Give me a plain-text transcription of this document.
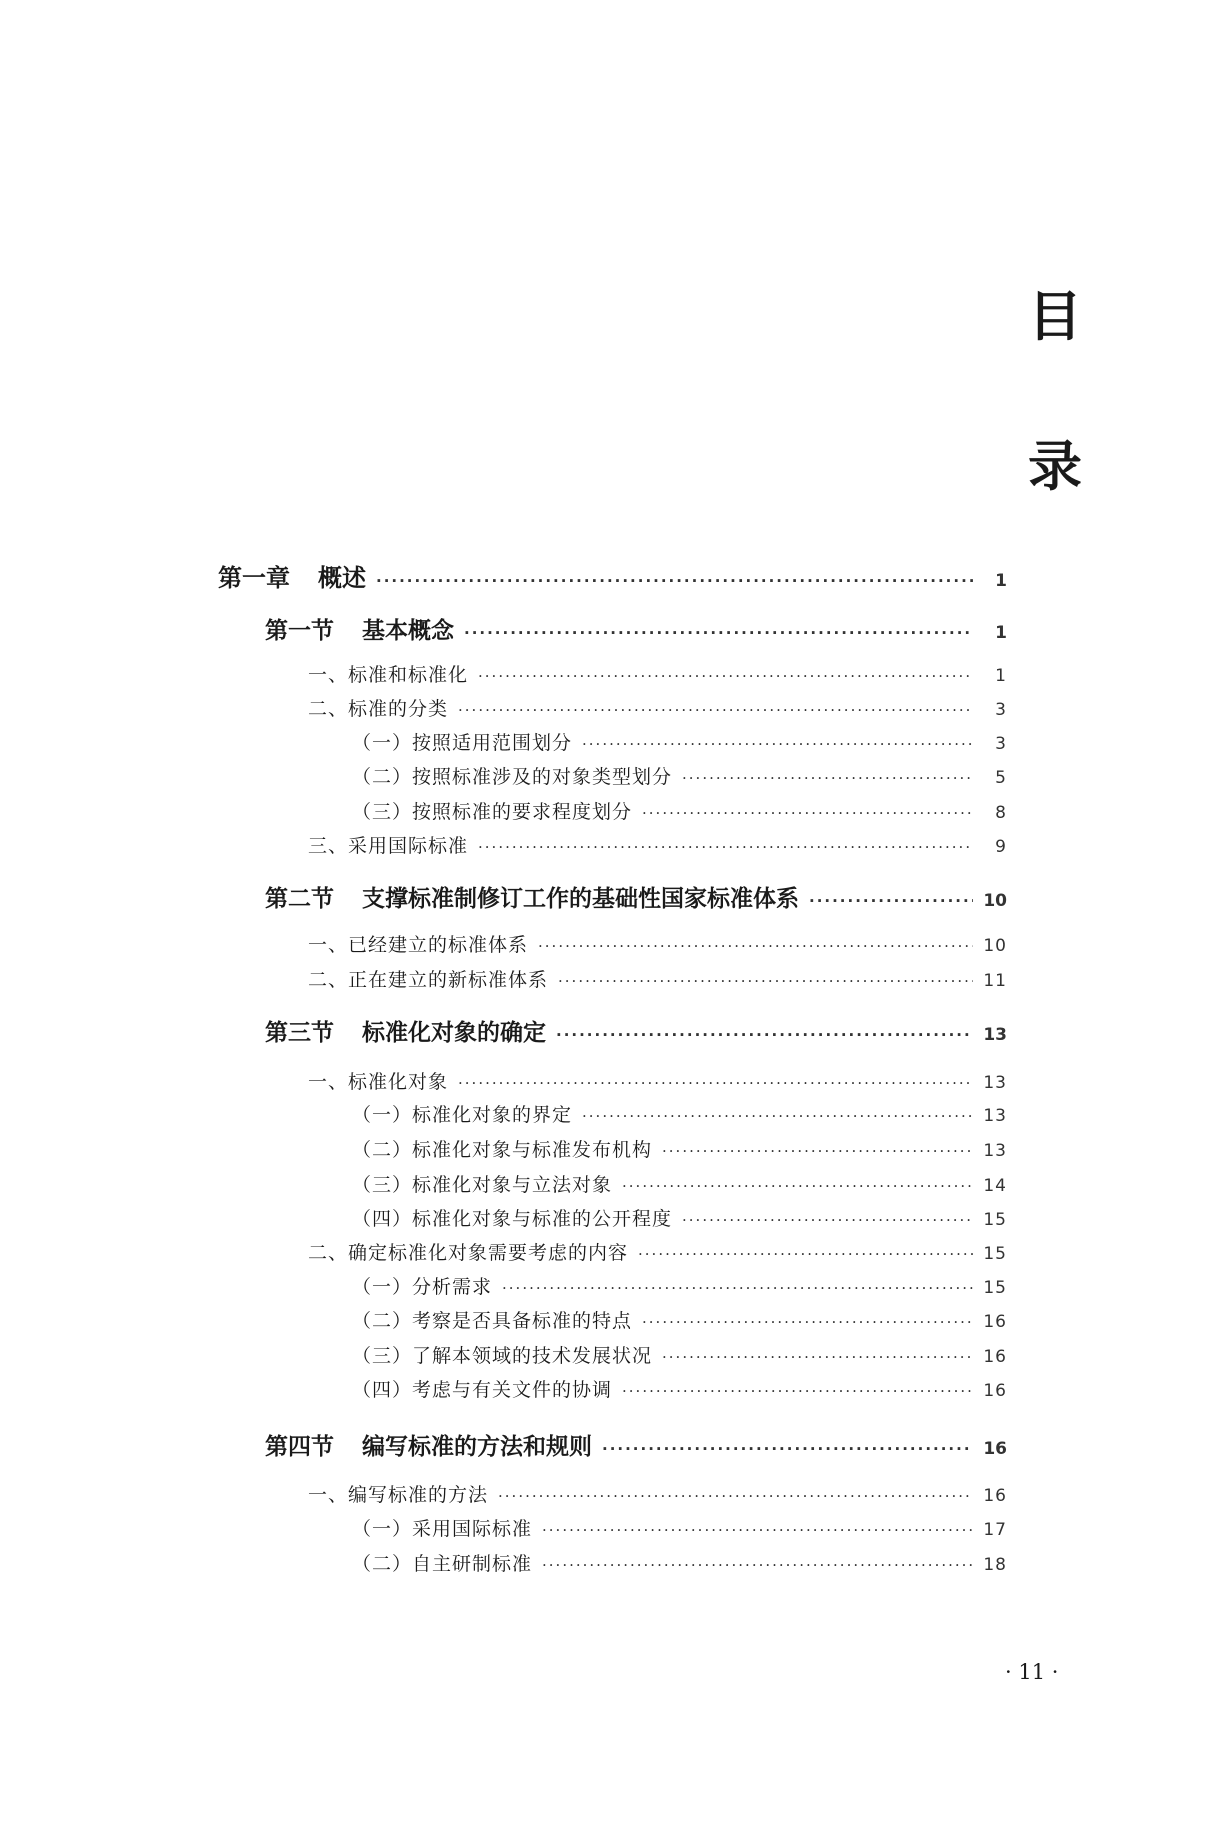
目
录
第一章 概述 ·····	1
第一节 基本概念 ·····	1
一、标准和标准化 ·····	1
二、标准的分类 ·····	3
（一）按照适用范围划分 ·····	3
（二）按照标准涉及的对象类型划分 ·····	5
（三）按照标准的要求程度划分 ·····	8
三、采用国际标准 ·····	9
第二节 支撑标准制修订工作的基础性国家标准体系 ·····	10
一、已经建立的标准体系 ·····	10
二、正在建立的新标准体系 ·····	11
第三节 标准化对象的确定 ·····	13
一、标准化对象 ·····	13
（一）标准化对象的界定 ·····	13
（二）标准化对象与标准发布机构 ·····	13
（三）标准化对象与立法对象 ·····	14
（四）标准化对象与标准的公开程度 ·····	15
二、确定标准化对象需要考虑的内容 ·····	15
（一）分析需求 ·····	15
（二）考察是否具备标准的特点 ·····	16
（三）了解本领域的技术发展状况 ·····	16
（四）考虑与有关文件的协调 ·····	16
第四节 编写标准的方法和规则 ·····	16
一、编写标准的方法 ·····	16
（一）采用国际标准 ·····	17
（二）自主研制标准 ·····	18
· 11 ·
